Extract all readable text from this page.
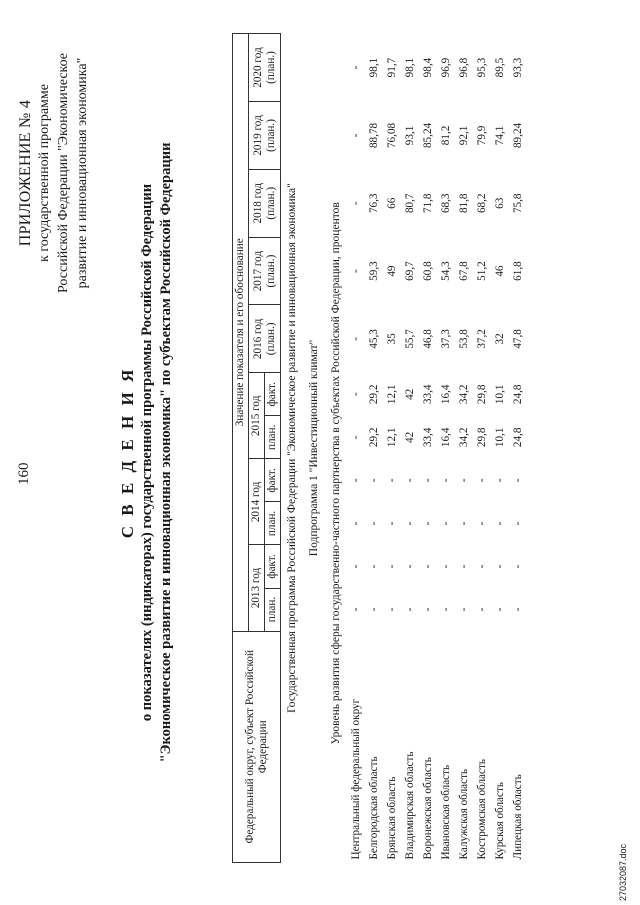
160
ПРИЛОЖЕНИЕ № 4 к государственной программе Российской Федерации "Экономическое развитие и инновационная экономика"
С В Е Д Е Н И Я о показателях (индикаторах) государственной программы Российской Федерации "Экономическое развитие и инновационная экономика" по субъектам Российской Федерации	Федеральный округ, субъект Российской Федерации	Значение показателя и его обоснование										
	2013 год		2014 год		2015 год		2016 год (план.)	2017 год (план.)	2018 год (план.)	2019 год (план.)	2020 год (план.)
	план.	факт.	план.	факт.	план.	факт.					
Государственная программа Российской Федерации "Экономическое развитие и инновационная экономика"											
Подпрограмма 1 "Инвестиционный климат"											
Уровень развития сферы государственно-частного партнерства в субъектах Российской Федерации, процентов											
Центральный федеральный округ	-	-	-	-	-	-	-	-	-	-	-
Белгородская область	-	-	-	-	29,2	29,2	45,3	59,3	76,3	88,78	98,1
Брянская область	-	-	-	-	12,1	12,1	35	49	66	76,08	91,7
Владимирская область	-	-	-	-	42	42	55,7	69,7	80,7	93,1	98,1
Воронежская область	-	-	-	-	33,4	33,4	46,8	60,8	71,8	85,24	98,4
Ивановская область	-	-	-	-	16,4	16,4	37,3	54,3	68,3	81,2	96,9
Калужская область	-	-	-	-	34,2	34,2	53,8	67,8	81,8	92,1	96,8
Костромская область	-	-	-	-	29,8	29,8	37,2	51,2	68,2	79,9	95,3
Курская область	-	-	-	-	10,1	10,1	32	46	63	74,1	89,5
Липецкая область	-	-	-	-	24,8	24,8	47,8	61,8	75,8	89,24	93,3
27032087.doc
